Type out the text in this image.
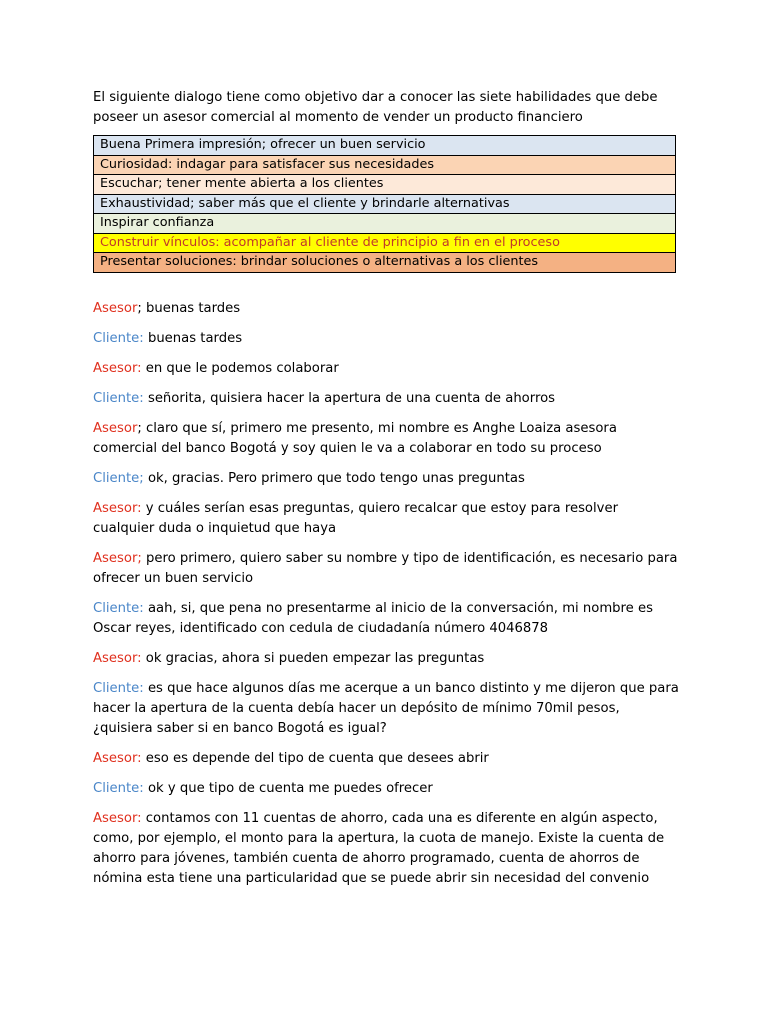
El siguiente dialogo tiene como objetivo dar a conocer las siete habilidades que debe poseer un asesor comercial al momento de vender un producto financiero

Buena Primera impresión; ofrecer un buen servicio
Curiosidad: indagar para satisfacer sus necesidades
Escuchar; tener mente abierta a los clientes
Exhaustividad; saber más que el cliente y brindarle alternativas
Inspirar confianza
Construir vínculos: acompañar al cliente de principio a fin en el proceso
Presentar soluciones: brindar soluciones o alternativas a los clientes

Asesor; buenas tardes

Cliente: buenas tardes

Asesor: en que le podemos colaborar

Cliente: señorita, quisiera hacer la apertura de una cuenta de ahorros

Asesor; claro que sí, primero me presento, mi nombre es Anghe Loaiza asesora comercial del banco Bogotá y soy quien le va a colaborar en todo su proceso

Cliente; ok, gracias. Pero primero que todo tengo unas preguntas

Asesor: y cuáles serían esas preguntas, quiero recalcar que estoy para resolver cualquier duda o inquietud que haya

Asesor; pero primero, quiero saber su nombre y tipo de identificación, es necesario para ofrecer un buen servicio

Cliente: aah, si, que pena no presentarme al inicio de la conversación, mi nombre es Oscar reyes, identificado con cedula de ciudadanía número 4046878

Asesor: ok gracias, ahora si pueden empezar las preguntas

Cliente: es que hace algunos días me acerque a un banco distinto y me dijeron que para hacer la apertura de la cuenta debía hacer un depósito de mínimo 70mil pesos, ¿quisiera saber si en banco Bogotá es igual?

Asesor: eso es depende del tipo de cuenta que desees abrir

Cliente: ok y que tipo de cuenta me puedes ofrecer

Asesor: contamos con 11 cuentas de ahorro, cada una es diferente en algún aspecto, como, por ejemplo, el monto para la apertura, la cuota de manejo. Existe la cuenta de ahorro para jóvenes, también cuenta de ahorro programado, cuenta de ahorros de nómina esta tiene una particularidad que se puede abrir sin necesidad del convenio
